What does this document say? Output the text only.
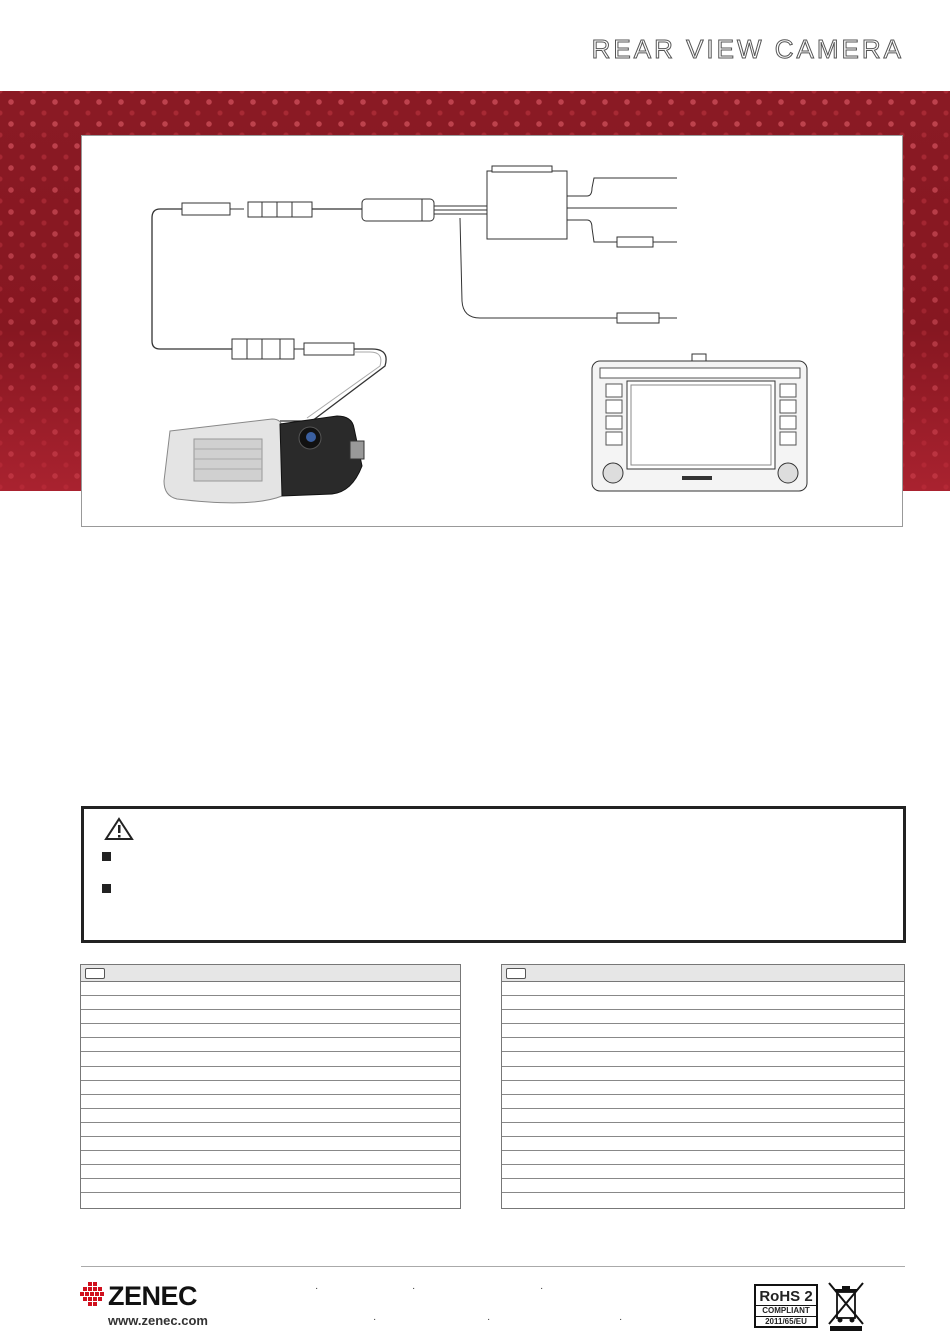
REAR VIEW CAMERA
ZENEC
www.zenec.com
·	·	·
·	·	·
RoHS 2
COMPLIANT
2011/65/EU
